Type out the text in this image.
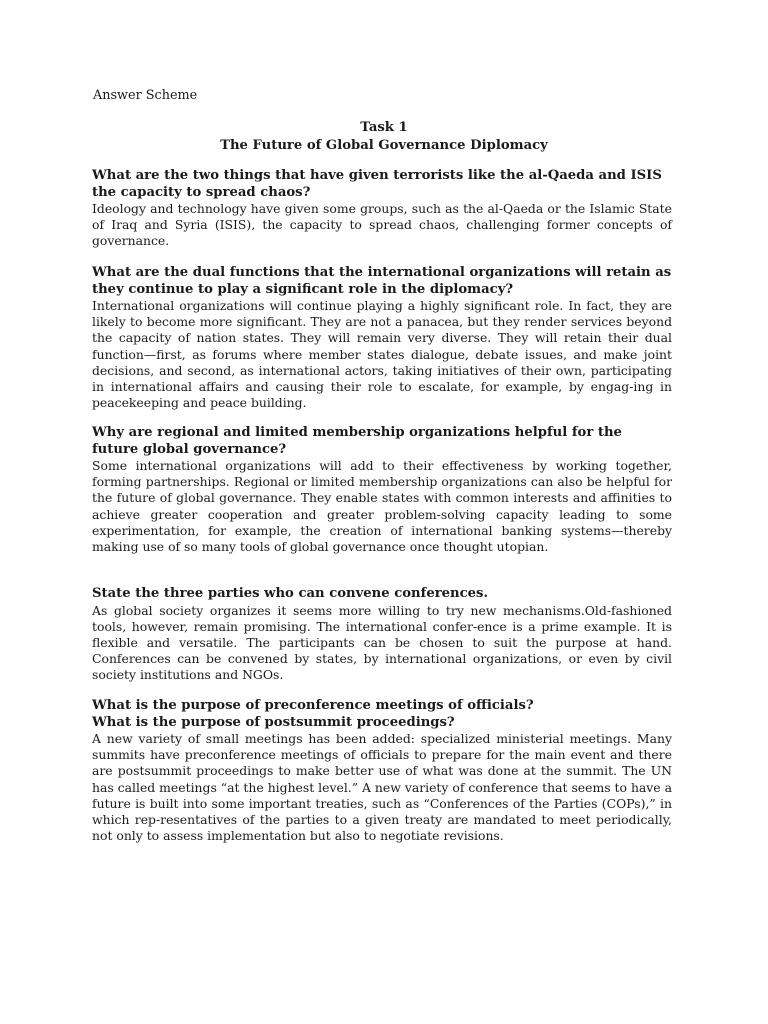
Answer Scheme
Task 1
The Future of Global Governance Diplomacy

What are the two things that have given terrorists like the al-Qaeda and ISIS the capacity to spread chaos?

Ideology and technology have given some groups, such as the al-Qaeda or the Islamic State of Iraq and Syria (ISIS), the capacity to spread chaos, challenging former concepts of governance.

What are the dual functions that the international organizations will retain as they continue to play a significant role in the diplomacy?

International organizations will continue playing a highly significant role. In fact, they are likely to become more significant. They are not a panacea, but they render services beyond the capacity of nation states. They will remain very diverse. They will retain their dual function—first, as forums where member states dialogue, debate issues, and make joint decisions, and second, as international actors, taking initiatives of their own, participating in international affairs and causing their role to escalate, for example, by engag-ing in peacekeeping and peace building.

Why are regional and limited membership organizations helpful for the future global governance?

Some international organizations will add to their effectiveness by working together, forming partnerships. Regional or limited membership organizations can also be helpful for the future of global governance. They enable states with common interests and affinities to achieve greater cooperation and greater problem-solving capacity leading to some experimentation, for example, the creation of international banking systems—thereby making use of so many tools of global governance once thought utopian.

State the three parties who can convene conferences.

As global society organizes it seems more willing to try new mechanisms.Old-fashioned tools, however, remain promising. The international confer-ence is a prime example. It is flexible and versatile. The participants can be chosen to suit the purpose at hand. Conferences can be convened by states, by international organizations, or even by civil society institutions and NGOs.

What is the purpose of preconference meetings of officials?

What is the purpose of postsummit proceedings?

A new variety of small meetings has been added: specialized ministerial meetings. Many summits have preconference meetings of officials to prepare for the main event and there are postsummit proceedings to make better use of what was done at the summit. The UN has called meetings “at the highest level.” A new variety of conference that seems to have a future is built into some important treaties, such as “Conferences of the Parties (COPs),” in which rep-resentatives of the parties to a given treaty are mandated to meet periodically, not only to assess implementation but also to negotiate revisions.
